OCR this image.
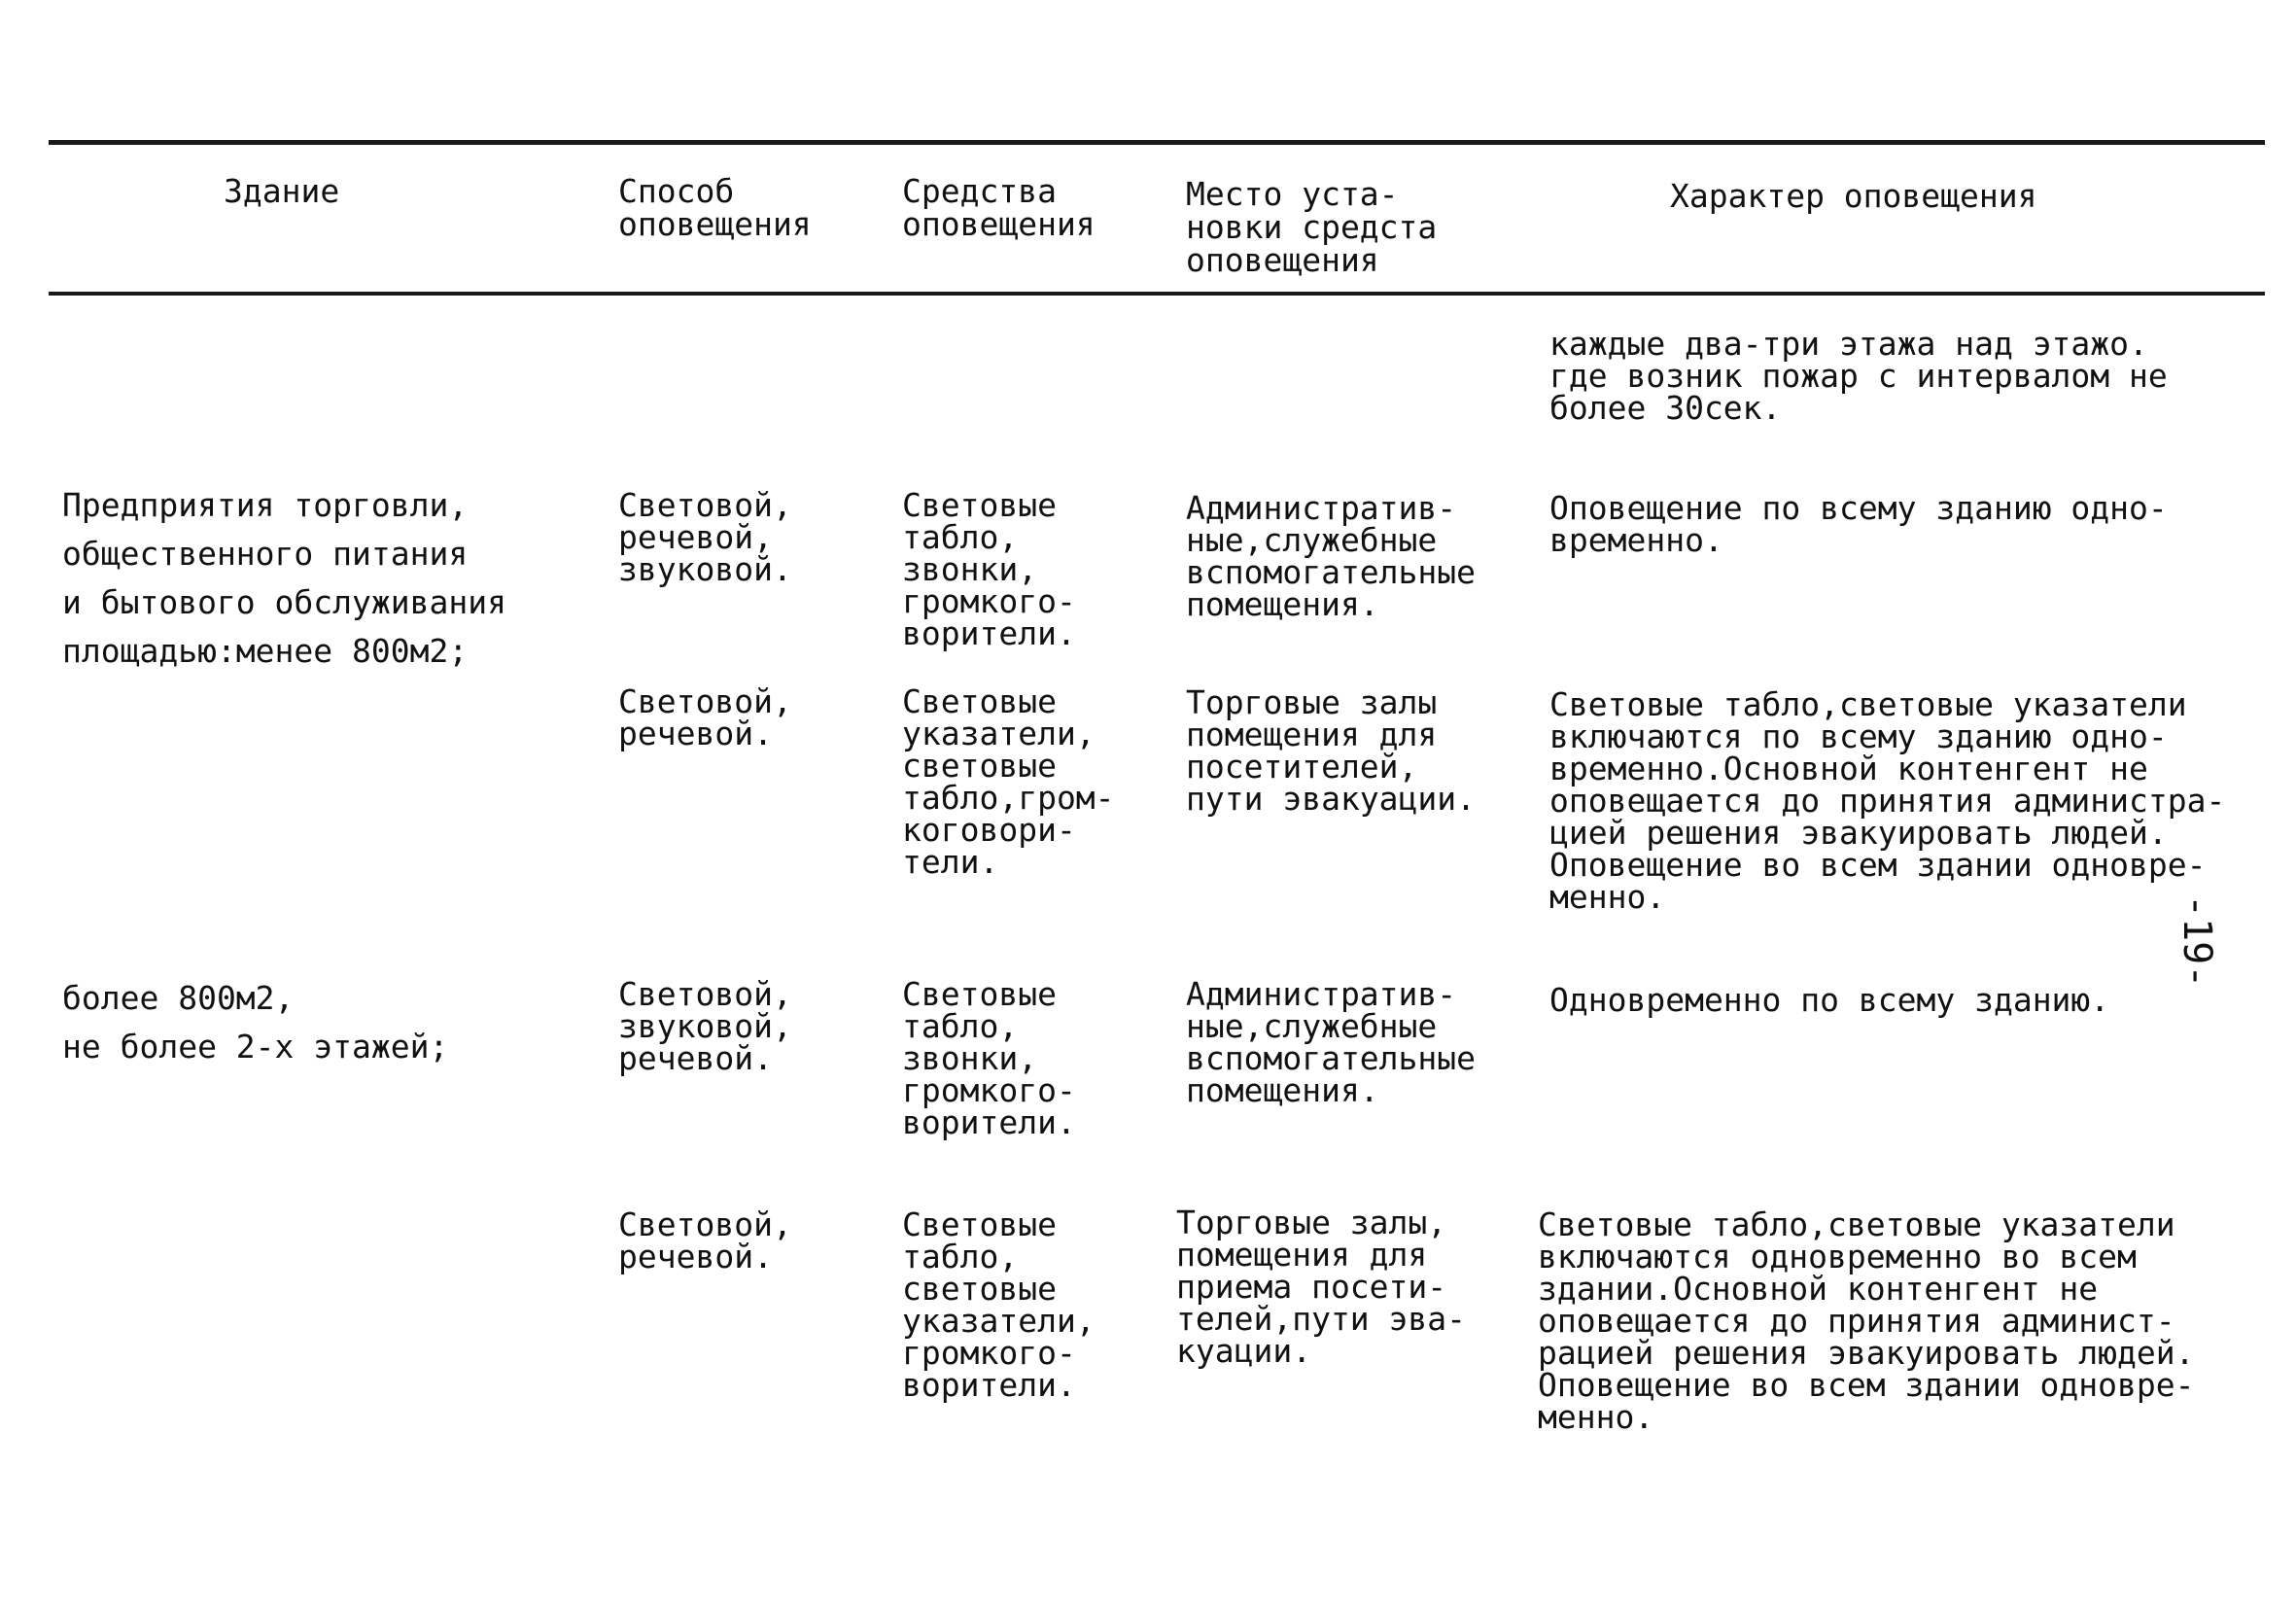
Здание	Способ
оповещения
Средства
оповещения
Место уста-
новки средста
оповещения
Характер оповещения
каждые два-три этажа над этажо.
где возник пожар с интервалом не
более 30сек.
Предприятия торговли,
общественного питания
и бытового обслуживания
площадью:менее 800м2;
Световой,
речевой,
звуковой.
Световые
табло,
звонки,
громкого-
ворители.
Административ-
ные,служебные
вспомогательные
помещения.
Оповещение по всему зданию одно-
временно.
Световой,
речевой.
Световые
указатели,
световые
табло,гром-
коговори-
тели.
Торговые залы
помещения для
посетителей,
пути эвакуации.
Световые табло,световые указатели
включаются по всему зданию одно-
временно.Основной контенгент не
оповещается до принятия администра-
цией решения эвакуировать людей.
Оповещение во всем здании одновре-
менно.
более 800м2,
не более 2-х этажей;
Световой,
звуковой,
речевой.
Световые
табло,
звонки,
громкого-
ворители.
Административ-
ные,служебные
вспомогательные
помещения.
Одновременно по всему зданию.
Световой,
речевой.
Световые
табло,
световые
указатели,
громкого-
ворители.
Торговые залы,
помещения для
приема посети-
телей,пути эва-
куации.
Световые табло,световые указатели
включаются одновременно во всем
здании.Основной контенгент не
оповещается до принятия админист-
рацией решения эвакуировать людей.
Оповещение во всем здании одновре-
менно.
-19-
